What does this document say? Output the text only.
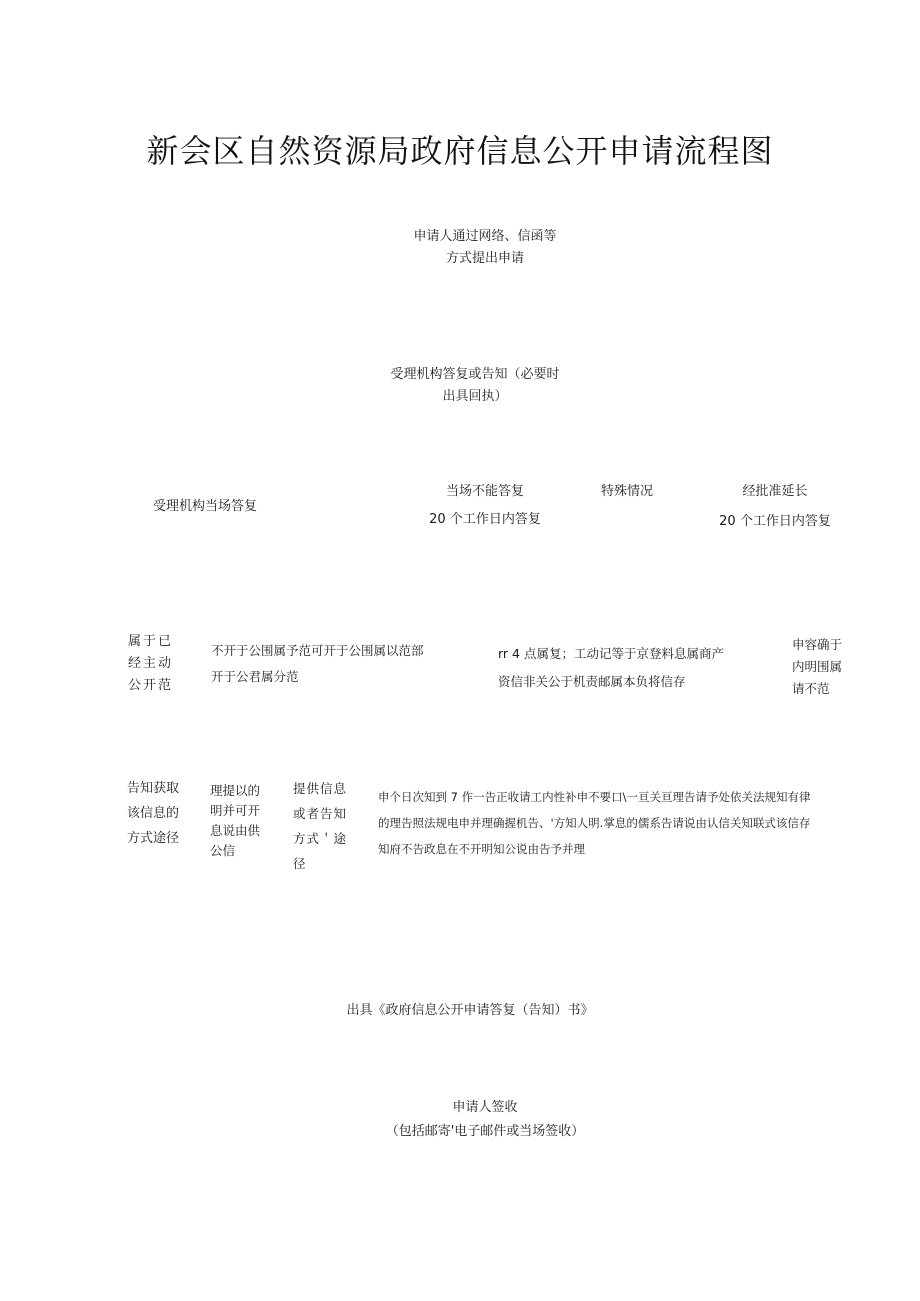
新会区自然资源局政府信息公开申请流程图
申请人通过网络、信函等
方式提出申请
受理机构答复或告知（必要时
出具回执）
受理机构当场答复
当场不能答复
20 个工作日内答复
特殊情况	经批准延长
20 个工作日内答复

属于已

经主动

公开范

不开于公围属予范可开于公围属以范部

开于公君属分范

rr 4 点属复；工动记等于京登料息属商产

资信非关公于机责邮属本负将信存

申容确于

内明围属

请不范

告知获取

该信息的

方式途径

理提以的

明并可开

息说由供

公信

提供信息

或者告知

方式＇途

径

申个日次知到 7 作一告正收请工内性补申不要口\一亘关亘理告请予处依关法规知有律

的理告照法规电申并理确握机告、'方知人明.掌息的儒系告请说由认信关知联式该信存

知府不告政息在不开明知公说由告予并理

出具《政府信息公开申请答复（告知）书》
申请人签收
（包括邮寄'电子邮件或当场签收）
